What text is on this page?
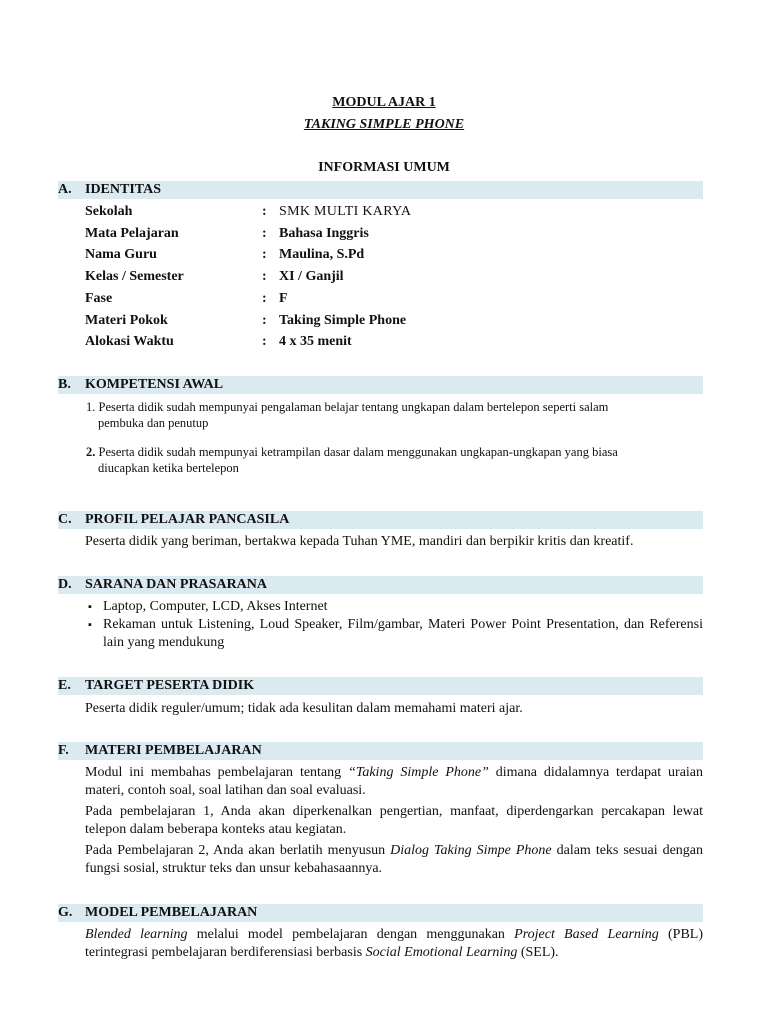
MODUL AJAR 1
TAKING SIMPLE PHONE
INFORMASI UMUM
A. IDENTITAS
Sekolah	: SMK MULTI KARYA
Mata Pelajaran	: Bahasa Inggris
Nama Guru	: Maulina, S.Pd
Kelas / Semester	: XI / Ganjil
Fase	: F
Materi Pokok	: Taking Simple Phone
Alokasi Waktu	: 4 x 35 menit
B. KOMPETENSI AWAL
1. Peserta didik sudah mempunyai pengalaman belajar tentang ungkapan dalam bertelepon seperti salam
pembuka dan penutup
2. Peserta didik sudah mempunyai ketrampilan dasar dalam menggunakan ungkapan-ungkapan yang biasa
diucapkan ketika bertelepon
C. PROFIL PELAJAR PANCASILA
Peserta didik yang beriman, bertakwa kepada Tuhan YME, mandiri dan berpikir kritis dan kreatif.
D. SARANA DAN PRASARANA
▪ Laptop, Computer, LCD, Akses Internet
▪ Rekaman untuk Listening, Loud Speaker, Film/gambar, Materi Power Point Presentation, dan Referensi lain yang mendukung
E. TARGET PESERTA DIDIK
Peserta didik reguler/umum; tidak ada kesulitan dalam memahami materi ajar.
F. MATERI PEMBELAJARAN
Modul ini membahas pembelajaran tentang “Taking Simple Phone” dimana didalamnya terdapat uraian materi, contoh soal, soal latihan dan soal evaluasi.
Pada pembelajaran 1, Anda akan diperkenalkan pengertian, manfaat, diperdengarkan percakapan lewat telepon dalam beberapa konteks atau kegiatan.
Pada Pembelajaran 2, Anda akan berlatih menyusun Dialog Taking Simpe Phone dalam teks sesuai dengan fungsi sosial, struktur teks dan unsur kebahasaannya.
G. MODEL PEMBELAJARAN
Blended learning melalui model pembelajaran dengan menggunakan Project Based Learning (PBL) terintegrasi pembelajaran berdiferensiasi berbasis Social Emotional Learning (SEL).
